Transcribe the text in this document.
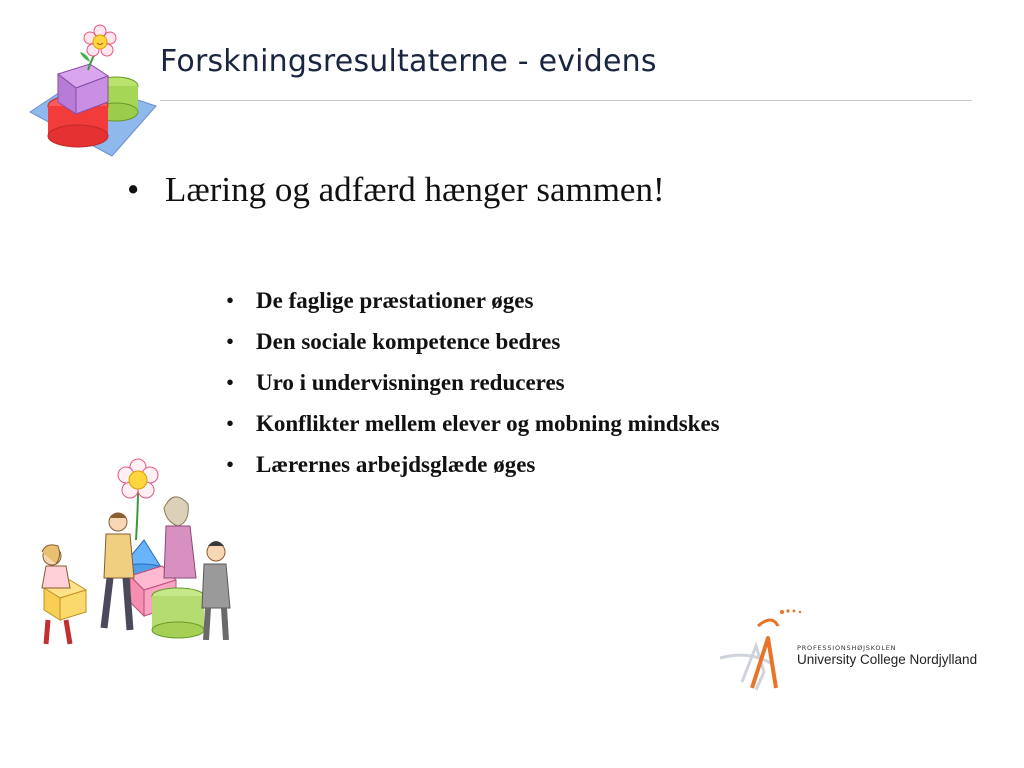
Forskningsresultaterne - evidens
• Læring og adfærd hænger sammen!
• De faglige præstationer øges
• Den sociale kompetence bedres
• Uro i undervisningen reduceres
• Konflikter mellem elever og mobning mindskes
• Lærernes arbejdsglæde øges
PROFESSIONSHØJSKOLEN
University College Nordjylland
